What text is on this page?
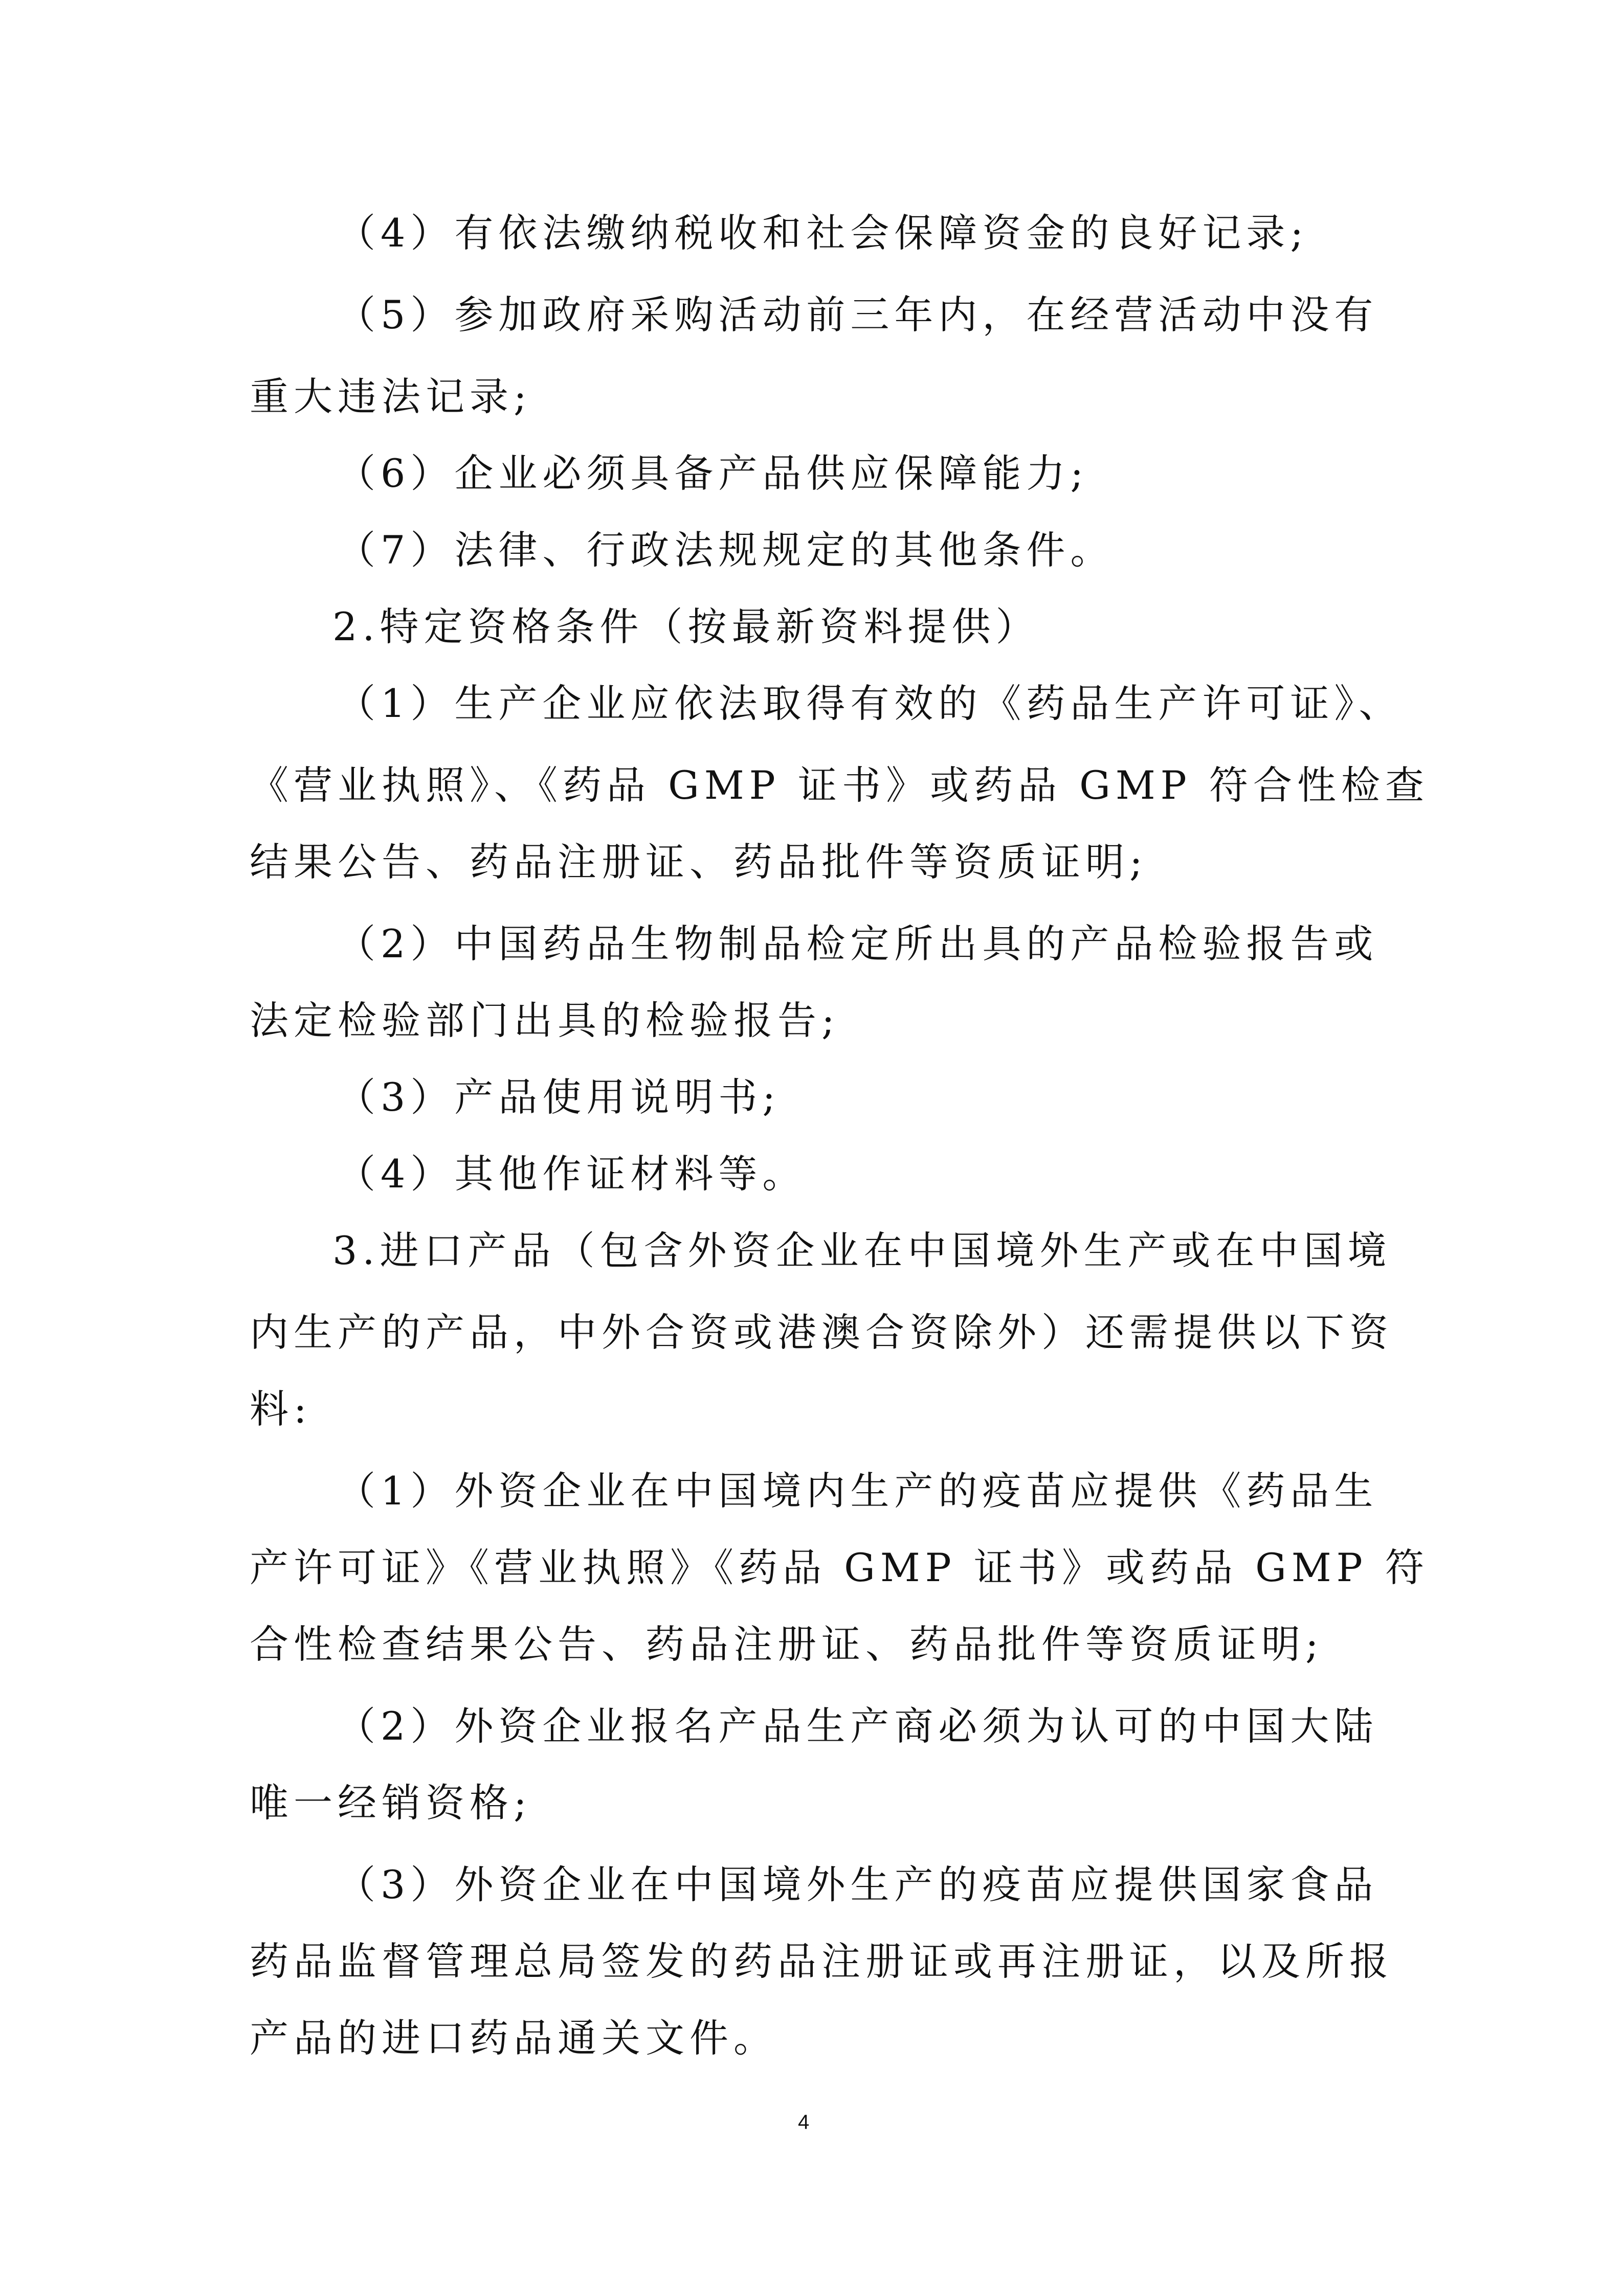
（4）有依法缴纳税收和社会保障资金的良好记录;
（5）参加政府采购活动前三年内，在经营活动中没有
重大违法记录;
（6）企业必须具备产品供应保障能力;
（7）法律、行政法规规定的其他条件。
2.特定资格条件（按最新资料提供）
（1）生产企业应依法取得有效的《药品生产许可证》、
《营业执照》、《药品 GMP 证书》或药品 GMP 符合性检查
结果公告、药品注册证、药品批件等资质证明;
（2）中国药品生物制品检定所出具的产品检验报告或
法定检验部门出具的检验报告;
（3）产品使用说明书;
（4）其他作证材料等。
3.进口产品（包含外资企业在中国境外生产或在中国境
内生产的产品，中外合资或港澳合资除外）还需提供以下资
料:
（1）外资企业在中国境内生产的疫苗应提供《药品生
产许可证》《营业执照》《药品 GMP 证书》或药品 GMP 符
合性检查结果公告、药品注册证、药品批件等资质证明;
（2）外资企业报名产品生产商必须为认可的中国大陆
唯一经销资格;
（3）外资企业在中国境外生产的疫苗应提供国家食品
药品监督管理总局签发的药品注册证或再注册证，以及所报
产品的进口药品通关文件。
4
